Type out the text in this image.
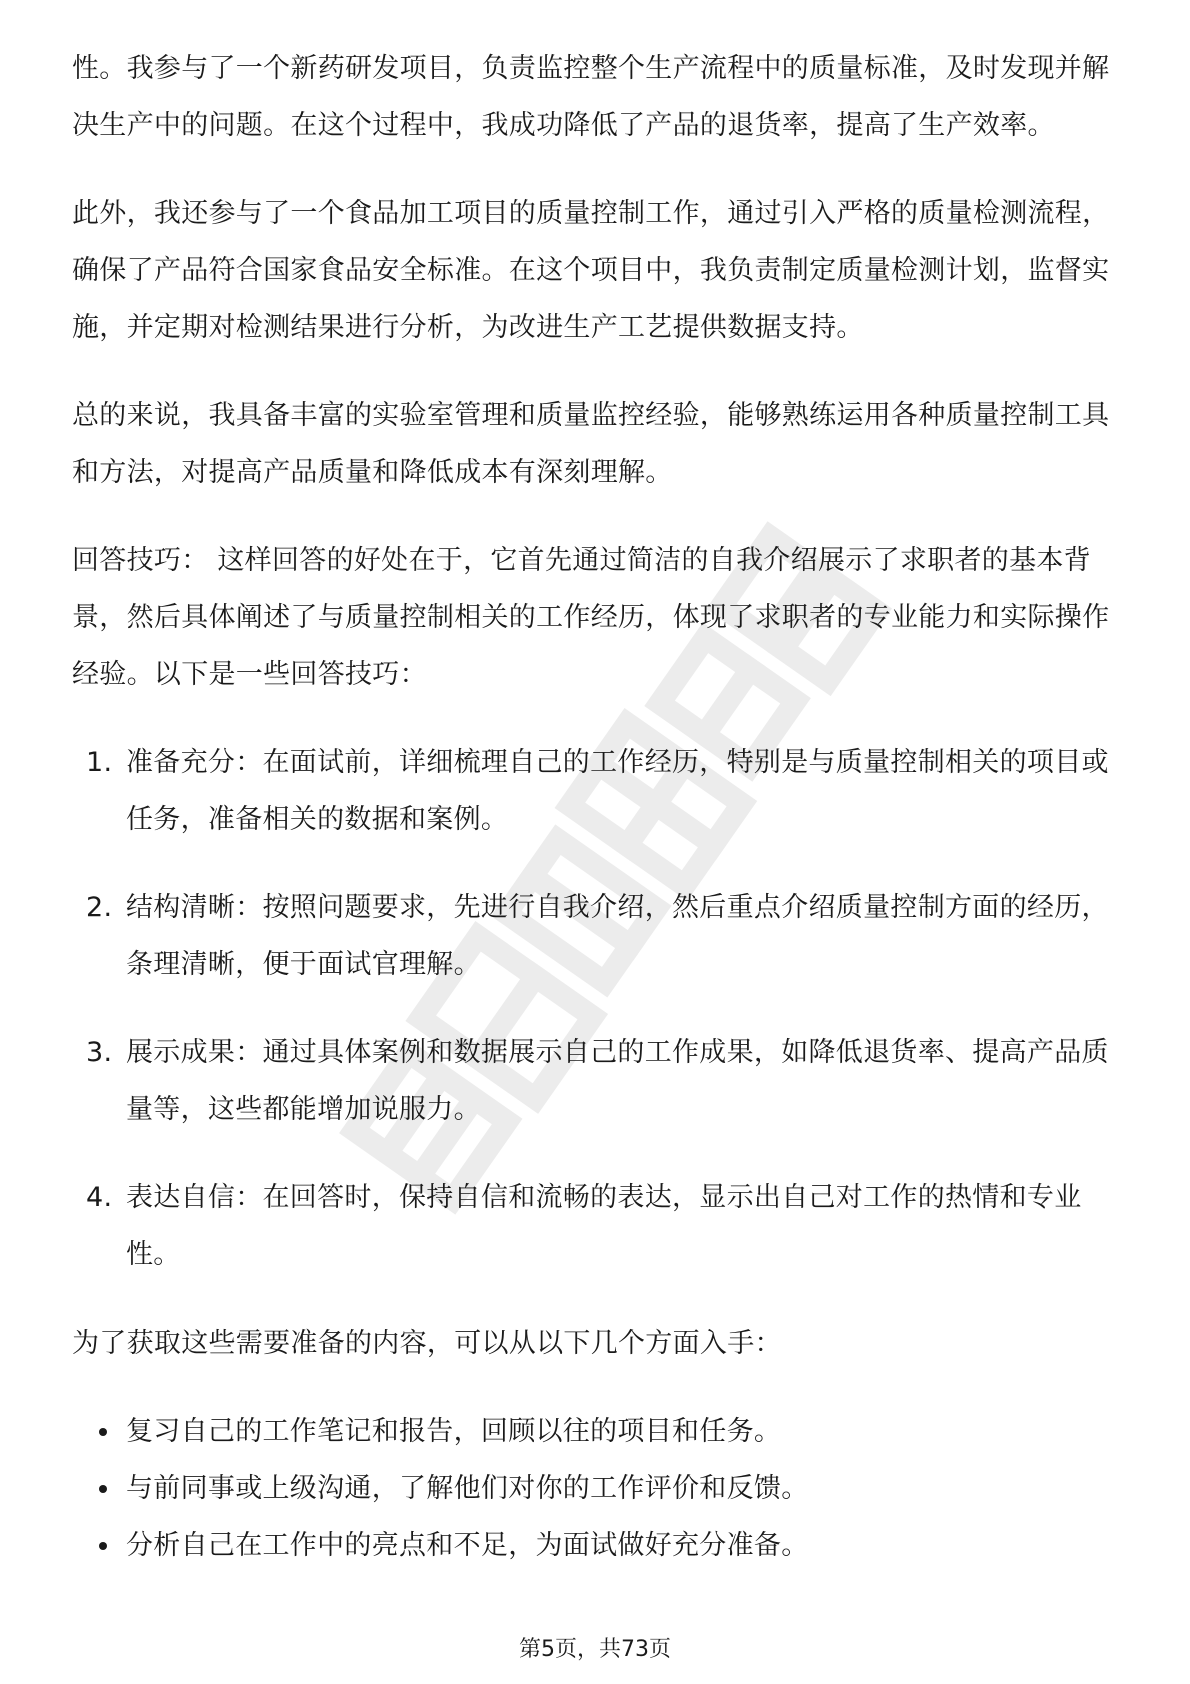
性。我参与了一个新药研发项目，负责监控整个生产流程中的质量标准，及时发现并解决生产中的问题。在这个过程中，我成功降低了产品的退货率，提高了生产效率。

此外，我还参与了一个食品加工项目的质量控制工作，通过引入严格的质量检测流程，确保了产品符合国家食品安全标准。在这个项目中，我负责制定质量检测计划，监督实施，并定期对检测结果进行分析，为改进生产工艺提供数据支持。

总的来说，我具备丰富的实验室管理和质量监控经验，能够熟练运用各种质量控制工具和方法，对提高产品质量和降低成本有深刻理解。

回答技巧： 这样回答的好处在于，它首先通过简洁的自我介绍展示了求职者的基本背景，然后具体阐述了与质量控制相关的工作经历，体现了求职者的专业能力和实际操作经验。以下是一些回答技巧：

1. 准备充分：在面试前，详细梳理自己的工作经历，特别是与质量控制相关的项目或任务，准备相关的数据和案例。
2. 结构清晰：按照问题要求，先进行自我介绍，然后重点介绍质量控制方面的经历，条理清晰，便于面试官理解。
3. 展示成果：通过具体案例和数据展示自己的工作成果，如降低退货率、提高产品质量等，这些都能增加说服力。
4. 表达自信：在回答时，保持自信和流畅的表达，显示出自己对工作的热情和专业性。

为了获取这些需要准备的内容，可以从以下几个方面入手：

复习自己的工作笔记和报告，回顾以往的项目和任务。
与前同事或上级沟通，了解他们对你的工作评价和反馈。
分析自己在工作中的亮点和不足，为面试做好充分准备。
第5页，共73页
